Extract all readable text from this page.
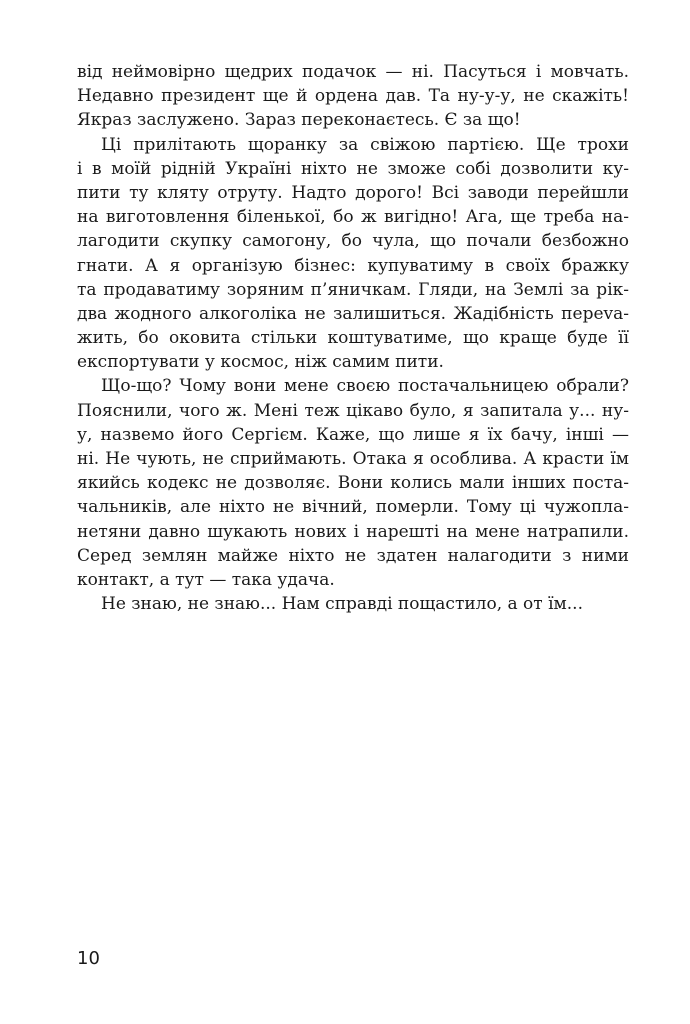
від неймовірно щедрих подачок — ні. Пасуться і мовчать.
Недавно президент ще й ордена дав. Та ну-у-у, не скажіть!
Якраз заслужено. Зараз переконаєтесь. Є за що!
Ці прилітають щоранку за свіжою партією. Ще трохи
і в моїй рідній Україні ніхто не зможе собі дозволити ку-
пити ту кляту отруту. Надто дорого! Всі заводи перейшли
на виготовлення біленької, бо ж вигідно! Ага, ще треба на-
лагодити скупку самогону, бо чула, що почали безбожно
гнати. А я організую бізнес: купуватиму в своїх бражку
та продаватиму зоряним п’яничкам. Гляди, на Землі за рік-
два жодного алкоголіка не залишиться. Жадібність переva-
жить, бо оковита стільки коштуватиме, що краще буде її
експортувати у космос, ніж самим пити.
Що-що? Чому вони мене своєю постачальницею обрали?
Пояснили, чого ж. Мені теж цікаво було, я запитала у... ну-
у, назвемо його Сергієм. Каже, що лише я їх бачу, інші —
ні. Не чують, не сприймають. Отака я особлива. А красти їм
якийсь кодекс не дозволяє. Вони колись мали інших поста-
чальників, але ніхто не вічний, померли. Тому ці чужопла-
нетяни давно шукають нових і нарешті на мене натрапили.
Серед землян майже ніхто не здатен налагодити з ними
контакт, а тут — така удача.
Не знаю, не знаю... Нам справді пощастило, а от їм...
10
